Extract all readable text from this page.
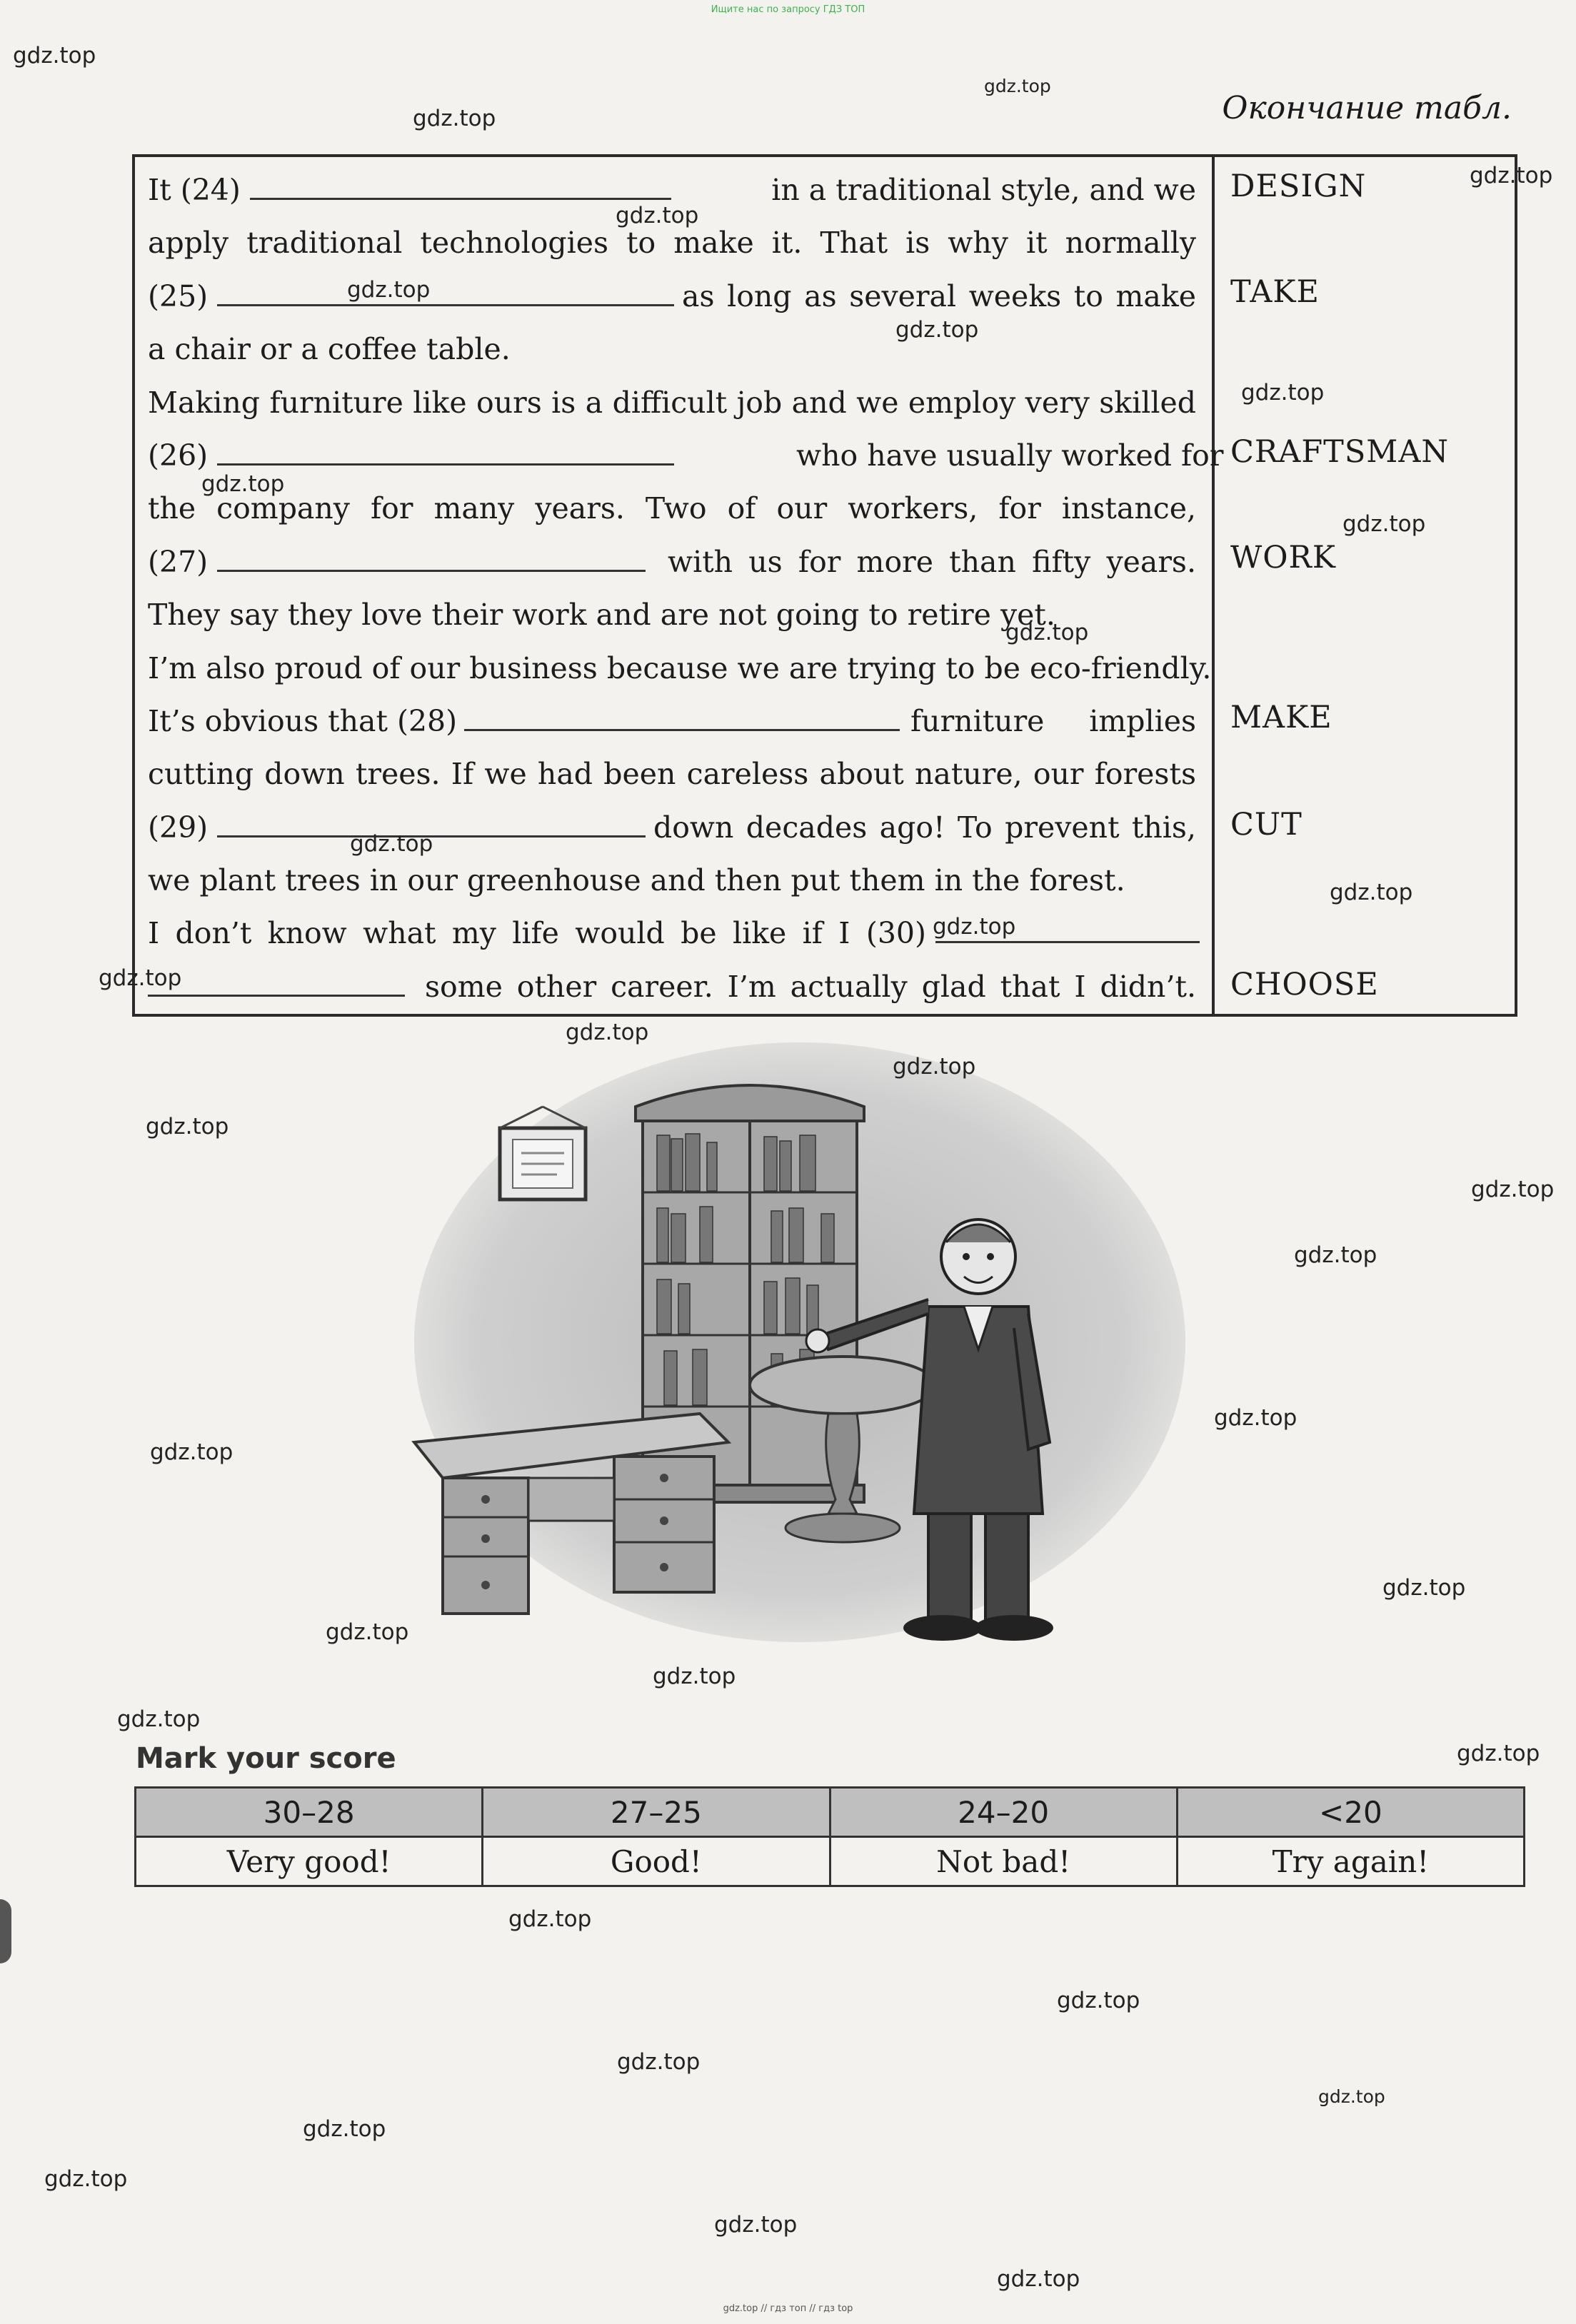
Ищите нас по запросу ГДЗ ТОП
Окончание табл.
It (24)	in a traditional style, and we
apply traditional technologies to make it. That is why it normally
(25)	as long as several weeks to make
a chair or a coffee table.
Making furniture like ours is a difficult job and we employ very skilled
(26)	who have usually worked for
the company for many years. Two of our workers, for instance,
(27)	with us for more than fifty years.
They say they love their work and are not going to retire yet.
I’m also proud of our business because we are trying to be eco-friendly.
It’s obvious that (28)	furniture implies
cutting down trees. If we had been careless about nature, our forests
(29)	down decades ago! To prevent this,
we plant trees in our greenhouse and then put them in the forest.
I don’t know what my life would be like if I (30)
some other career. I’m actually glad that I didn’t.
DESIGN
TAKE
CRAFTSMAN
WORK
MAKE
CUT
CHOOSE
Mark your score
30–28	27–25	24–20	<20
Very good!	Good!	Not bad!	Try again!
gdz.top
gdz.top
gdz.top
gdz.top
gdz.top
gdz.top
gdz.top
gdz.top
gdz.top
gdz.top
gdz.top
gdz.top
gdz.top
gdz.top
gdz.top
gdz.top
gdz.top
gdz.top
gdz.top
gdz.top
gdz.top
gdz.top
gdz.top
gdz.top
gdz.top
gdz.top
gdz.top
gdz.top
gdz.top
gdz.top
gdz.top
gdz.top
gdz.top
gdz.top
gdz.top
gdz.top // гдз топ // гдз top
